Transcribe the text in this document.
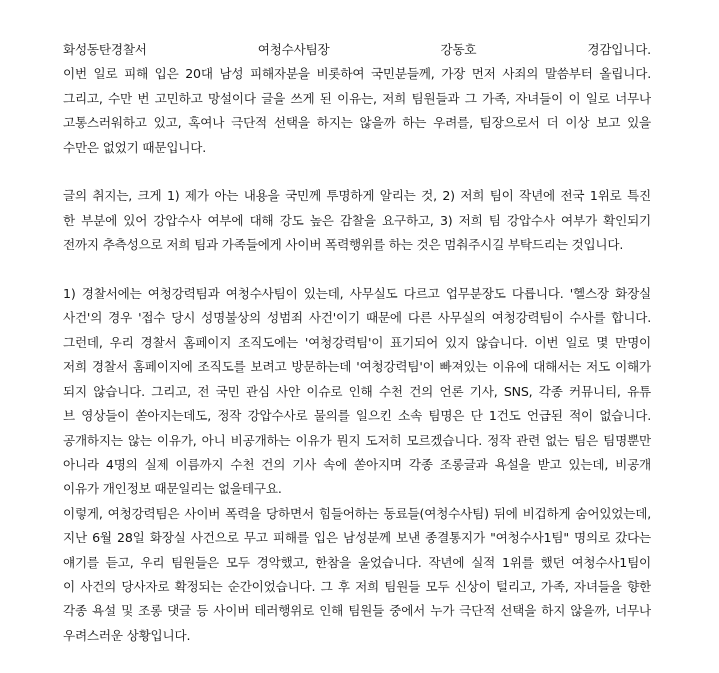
화성동탄경찰서 여청수사팀장 강동호 경감입니다.
이번 일로 피해 입은 20대 남성 피해자분을 비롯하여 국민분들께, 가장 먼저 사죄의 말씀부터 올립니다.
그리고, 수만 번 고민하고 망설이다 글을 쓰게 된 이유는, 저희 팀원들과 그 가족, 자녀들이 이 일로 너무나
고통스러워하고 있고, 혹여나 극단적 선택을 하지는 않을까 하는 우려를, 팀장으로서 더 이상 보고 있을
수만은 없었기 때문입니다.
글의 취지는, 크게 1) 제가 아는 내용을 국민께 투명하게 알리는 것, 2) 저희 팀이 작년에 전국 1위로 특진
한 부분에 있어 강압수사 여부에 대해 강도 높은 감찰을 요구하고, 3) 저희 팀 강압수사 여부가 확인되기
전까지 추측성으로 저희 팀과 가족들에게 사이버 폭력행위를 하는 것은 멈춰주시길 부탁드리는 것입니다.
1) 경찰서에는 여청강력팀과 여청수사팀이 있는데, 사무실도 다르고 업무분장도 다릅니다. '헬스장 화장실
사건'의 경우 '접수 당시 성명불상의 성범죄 사건'이기 때문에 다른 사무실의 여청강력팀이 수사를 합니다.
그런데, 우리 경찰서 홈페이지 조직도에는 '여청강력팀'이 표기되어 있지 않습니다. 이번 일로 몇 만명이
저희 경찰서 홈페이지에 조직도를 보려고 방문하는데 '여청강력팀'이 빠져있는 이유에 대해서는 저도 이해가
되지 않습니다. 그리고, 전 국민 관심 사안 이슈로 인해 수천 건의 언론 기사, SNS, 각종 커뮤니티, 유튜
브 영상들이 쏟아지는데도, 정작 강압수사로 물의를 일으킨 소속 팀명은 단 1건도 언급된 적이 없습니다.
공개하지는 않는 이유가, 아니 비공개하는 이유가 뭔지 도저히 모르겠습니다. 정작 관련 없는 팀은 팀명뿐만
아니라 4명의 실제 이름까지 수천 건의 기사 속에 쏟아지며 각종 조롱글과 욕설을 받고 있는데, 비공개
이유가 개인정보 때문일리는 없을테구요.
이렇게, 여청강력팀은 사이버 폭력을 당하면서 힘들어하는 동료들(여청수사팀) 뒤에 비겁하게 숨어있었는데,
지난 6월 28일 화장실 사건으로 무고 피해를 입은 남성분께 보낸 종결통지가 "여청수사1팀" 명의로 갔다는
얘기를 듣고, 우리 팀원들은 모두 경악했고, 한참을 울었습니다. 작년에 실적 1위를 했던 여청수사1팀이
이 사건의 당사자로 확정되는 순간이었습니다. 그 후 저희 팀원들 모두 신상이 털리고, 가족, 자녀들을 향한
각종 욕설 및 조롱 댓글 등 사이버 테러행위로 인해 팀원들 중에서 누가 극단적 선택을 하지 않을까, 너무나
우려스러운 상황입니다.
